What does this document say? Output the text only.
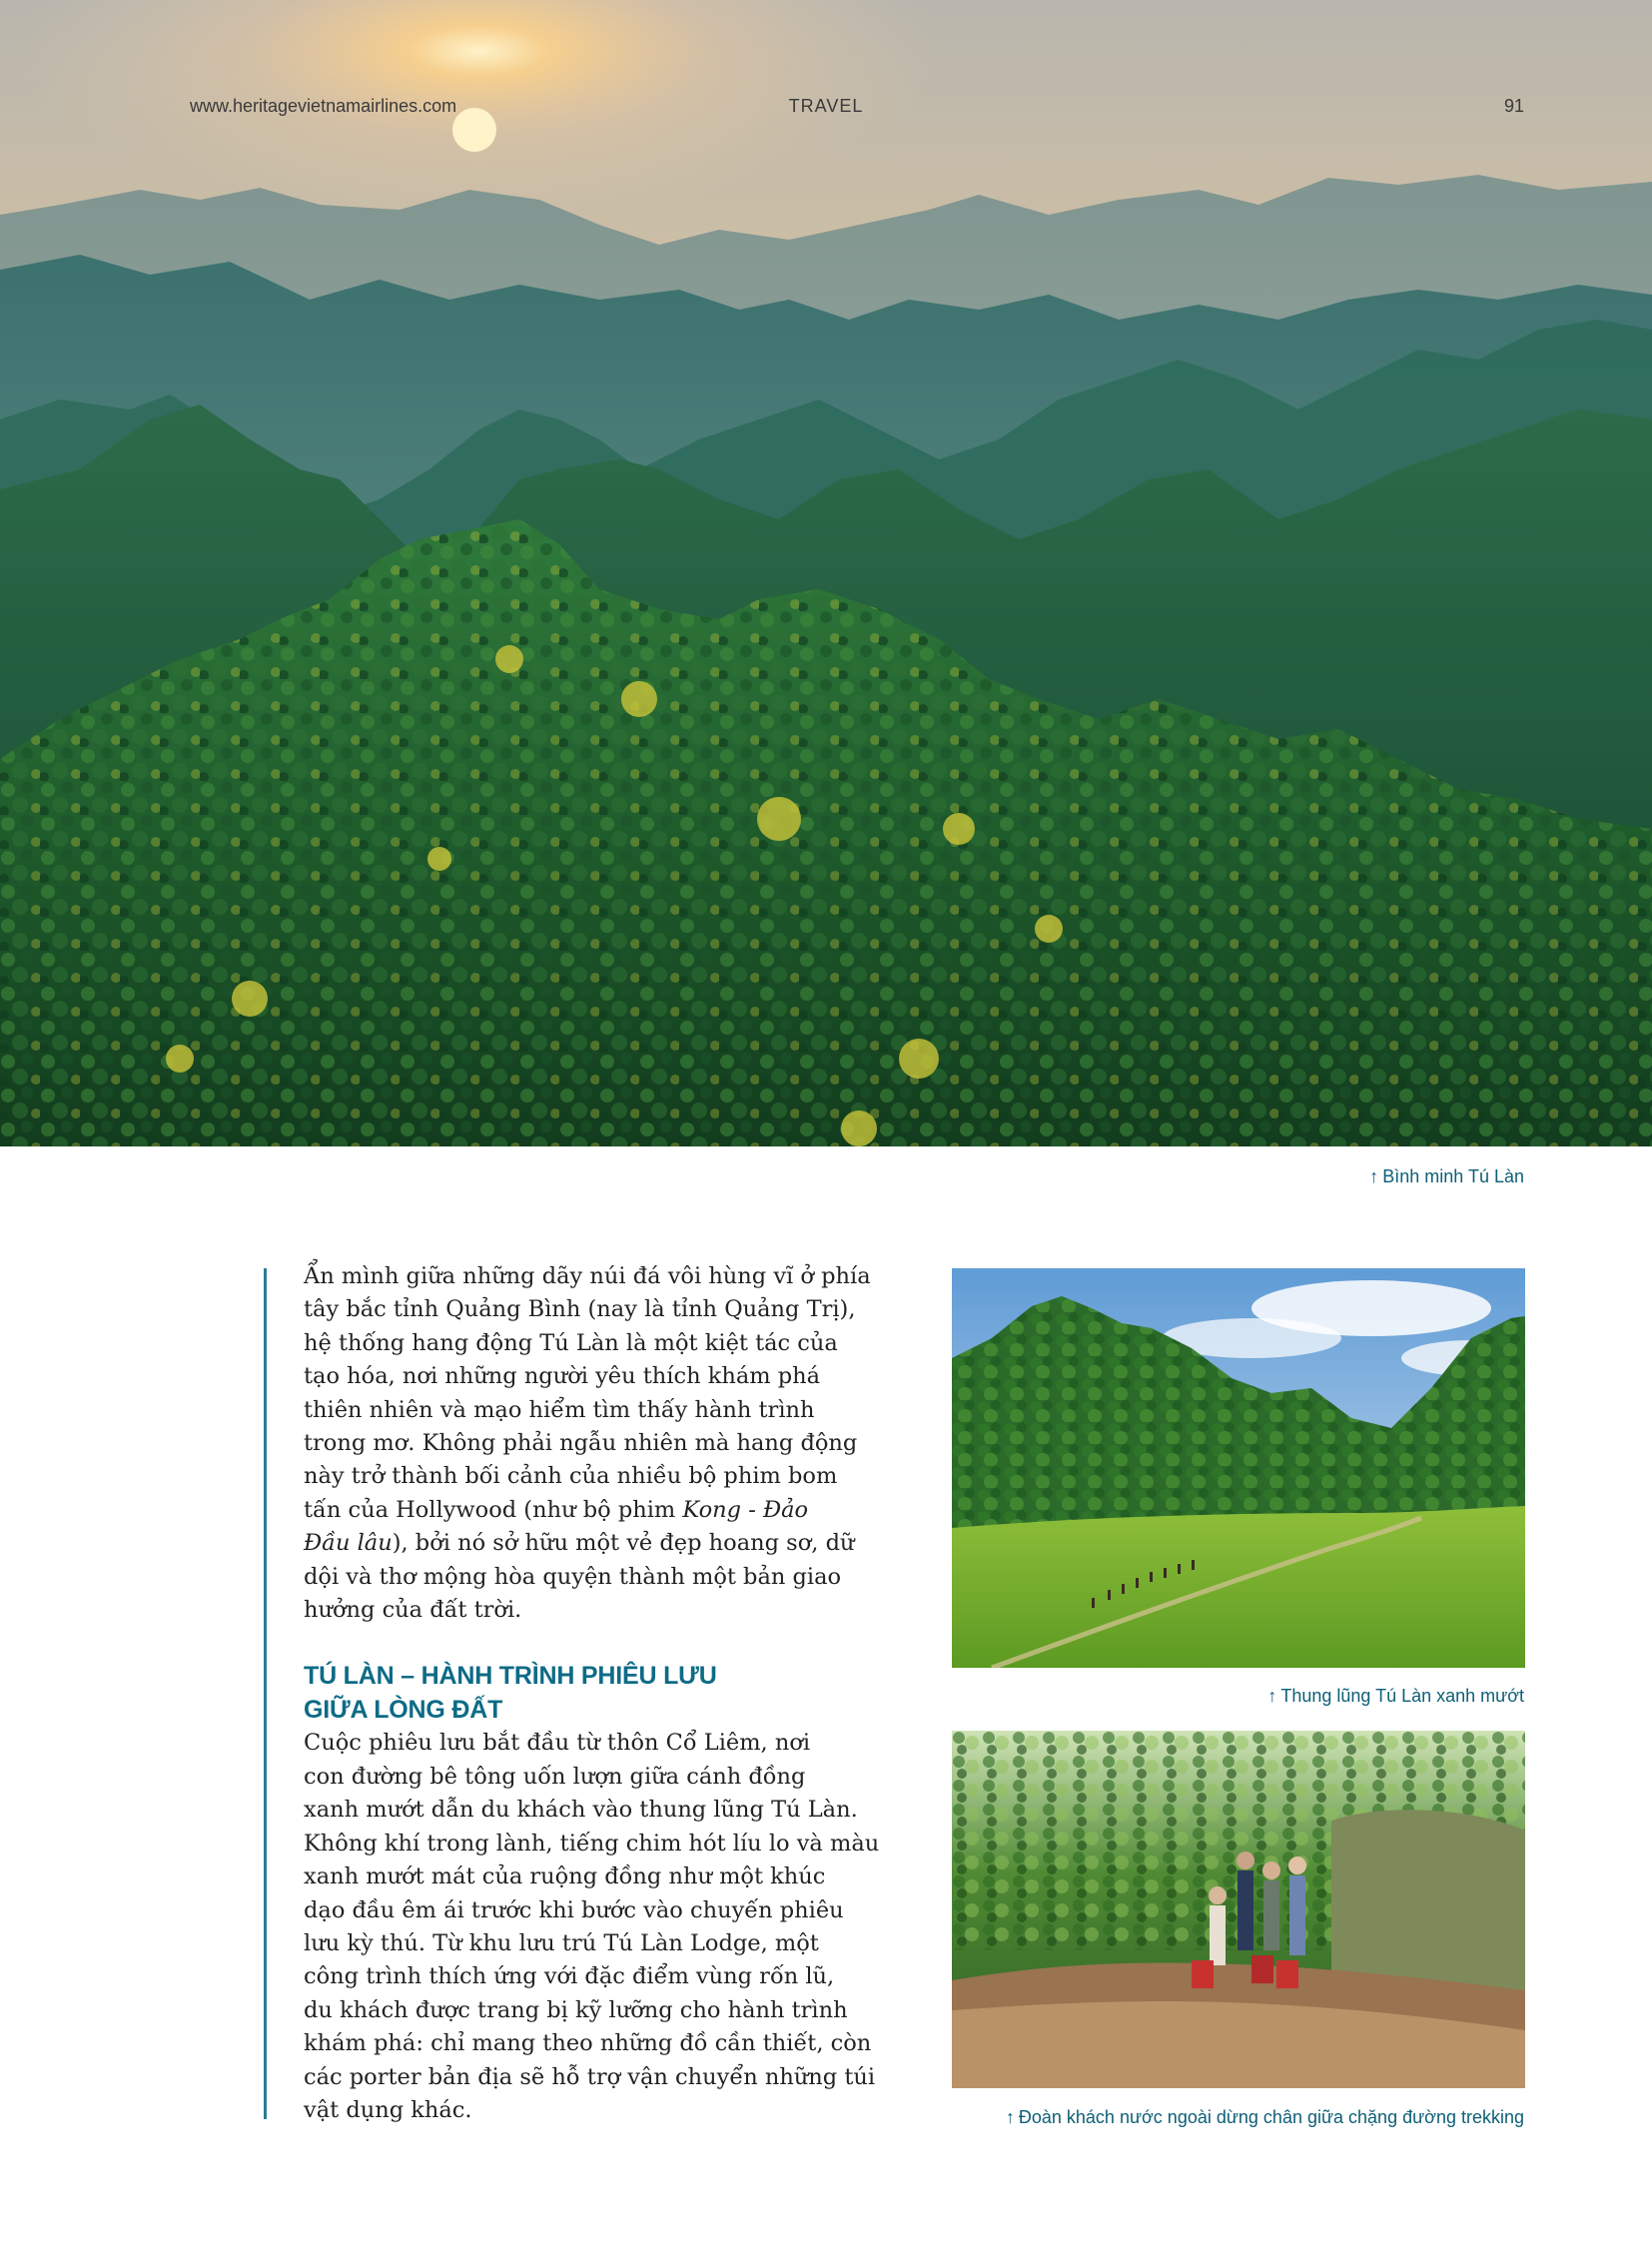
www.heritagevietnamairlines.com	TRAVEL	91
↑ Bình minh Tú Làn

Ẩn mình giữa những dãy núi đá vôi hùng vĩ ở phía
tây bắc tỉnh Quảng Bình (nay là tỉnh Quảng Trị),
hệ thống hang động Tú Làn là một kiệt tác của
tạo hóa, nơi những người yêu thích khám phá
thiên nhiên và mạo hiểm tìm thấy hành trình
trong mơ. Không phải ngẫu nhiên mà hang động
này trở thành bối cảnh của nhiều bộ phim bom
tấn của Hollywood (như bộ phim Kong - Đảo
Đầu lâu), bởi nó sở hữu một vẻ đẹp hoang sơ, dữ
dội và thơ mộng hòa quyện thành một bản giao
hưởng của đất trời.

TÚ LÀN – HÀNH TRÌNH PHIÊU LƯU
GIỮA LÒNG ĐẤT

Cuộc phiêu lưu bắt đầu từ thôn Cổ Liêm, nơi
con đường bê tông uốn lượn giữa cánh đồng
xanh mướt dẫn du khách vào thung lũng Tú Làn.
Không khí trong lành, tiếng chim hót líu lo và màu
xanh mướt mát của ruộng đồng như một khúc
dạo đầu êm ái trước khi bước vào chuyến phiêu
lưu kỳ thú. Từ khu lưu trú Tú Làn Lodge, một
công trình thích ứng với đặc điểm vùng rốn lũ,
du khách được trang bị kỹ lưỡng cho hành trình
khám phá: chỉ mang theo những đồ cần thiết, còn
các porter bản địa sẽ hỗ trợ vận chuyển những túi
vật dụng khác.

↑ Thung lũng Tú Làn xanh mướt
↑ Đoàn khách nước ngoài dừng chân giữa chặng đường trekking
